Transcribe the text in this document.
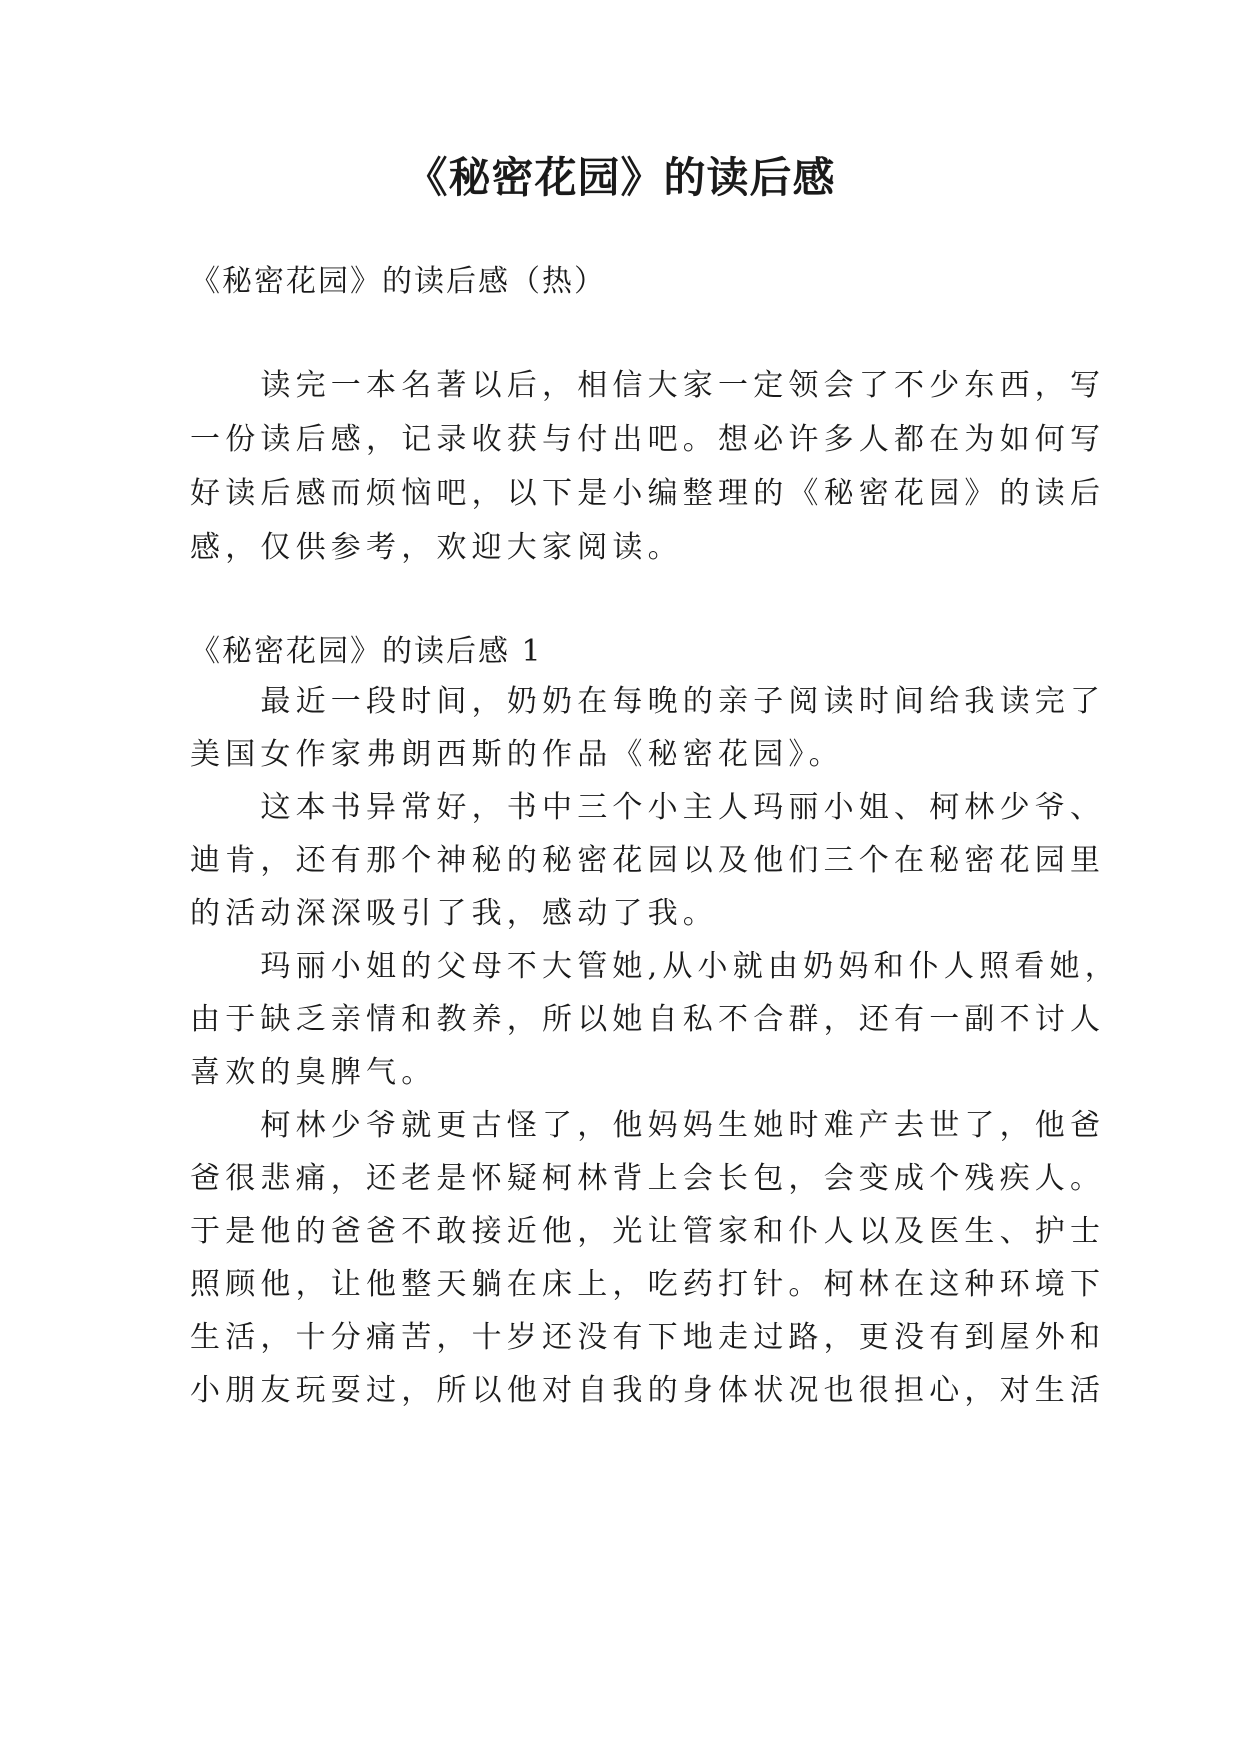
《秘密花园》的读后感
《秘密花园》的读后感（热）
　　读完一本名著以后，相信大家一定领会了不少东西，写
一份读后感，记录收获与付出吧。想必许多人都在为如何写
好读后感而烦恼吧，以下是小编整理的《秘密花园》的读后
感，仅供参考，欢迎大家阅读。
《秘密花园》的读后感 1
　　最近一段时间，奶奶在每晚的亲子阅读时间给我读完了
美国女作家弗朗西斯的作品《秘密花园》。
　　这本书异常好，书中三个小主人玛丽小姐、柯林少爷、
迪肯，还有那个神秘的秘密花园以及他们三个在秘密花园里
的活动深深吸引了我，感动了我。
　　玛丽小姐的父母不大管她,从小就由奶妈和仆人照看她，
由于缺乏亲情和教养，所以她自私不合群，还有一副不讨人
喜欢的臭脾气。
　　柯林少爷就更古怪了，他妈妈生她时难产去世了，他爸
爸很悲痛，还老是怀疑柯林背上会长包，会变成个残疾人。
于是他的爸爸不敢接近他，光让管家和仆人以及医生、护士
照顾他，让他整天躺在床上，吃药打针。柯林在这种环境下
生活，十分痛苦，十岁还没有下地走过路，更没有到屋外和
小朋友玩耍过，所以他对自我的身体状况也很担心，对生活
